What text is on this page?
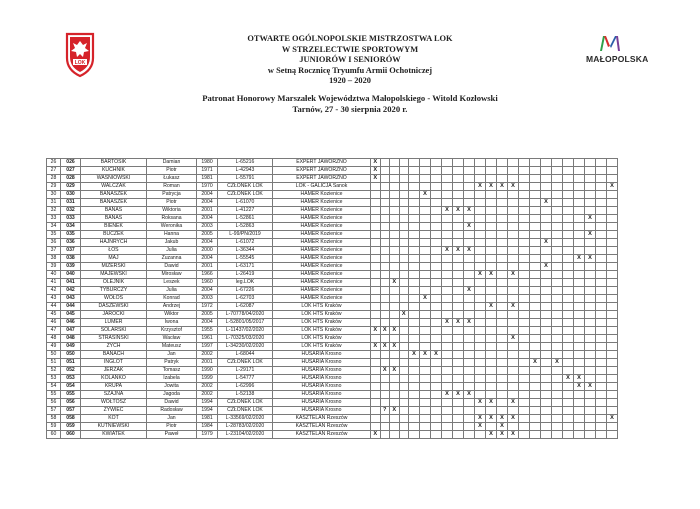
LOK	MAŁOPOLSKA
OTWARTE OGÓLNOPOLSKIE MISTRZOSTWA LOK
W STRZELECTWIE SPORTOWYM
JUNIORÓW I SENIORÓW
w Setną Rocznicę Tryumfu Armii Ochotniczej
1920 – 2020
Patronat Honorowy Marszałek Województwa Małopolskiego - Witold Kozłowski
Tarnów, 27 - 30 sierpnia 2020 r.
26	026	BARTOSIK	Damian	1980	L-65216	EXPERT JAWORZNO	X																						
27	027	KUCHNIK	Piotr	1971	L-42943	EXPERT JAWORZNO	X																						
28	028	WAŚNIOWSKI	Łukasz	1981	L-55791	EXPERT JAWORZNO	X																						
29	029	WALCZAK	Roman	1970	CZŁONEK LOK	LOK - GALICJA Sanok											X	X	X	X									X
30	030	BANASZEK	Patrycja	2004	CZŁONEK LOK	HAMER Kozienice						X																	
31	031	BANASZEK	Piotr	2004	L-61070	HAMER Kozienice																	X						
32	032	BANAŚ	Wiktoria	2001	L-41227	HAMER Kozienice								X	X	X													
33	033	BANAŚ	Roksana	2004	L-52861	HAMER Kozienice																					X		
34	034	BIENEK	Weronika	2003	L-52863	HAMER Kozienice										X													
35	035	BUCZEK	Hanna	2005	L-99/PN/2019	HAMER Kozienice																					X		
36	036	HAJNRYCH	Jakub	2004	L-61072	HAMER Kozienice																	X						
37	037	ŁOŚ	Julia	2000	L-36344	HAMER Kozienice								X	X	X													
38	038	MAJ	Zuzanna	2004	L-55545	HAMER Kozienice																				X	X		
39	039	MIZERSKI	Dawid	2001	L-63171	HAMER Kozienice																	X						
40	040	MAJEWSKI	Mirosław	1966	L-26419	HAMER Kozienice											X	X		X									
41	041	OLEJNIK	Leszek	1960	leg.LOK	HAMER Kozienice			X																				
42	042	TYBURCZY	Julia	2004	L-67226	HAMER Kozienice										X													
43	043	WOŁOS	Konrad	2003	L-62703	HAMER Kozienice						X																	
44	044	DASZEWSKI	Andrzej	1972	L-62087	LOK HTS Kraków												X		X									
45	045	JAROCKI	Wiktor	2005	L-70778/04/2020	LOK HTS Kraków				X																			
46	046	LUMER	Iwona	2004	L-52801/05/2017	LOK HTS Kraków								X	X	X													
47	047	SOLARSKI	Krzysztof	1955	L-11437/02/2020	LOK HTS Kraków	X	X	X																				
48	048	STRASIŃSKI	Wacław	1961	L-70325/03/2020	LOK HTS Kraków														X									
49	049	ZYCH	Mateusz	1997	L-34230/02/2020	LOK HTS Kraków	X	X	X																				
50	050	BANACH	Jan	2002	L-68044	HUSARIA Krosno					X	X	X																
51	051	INGLOT	Patryk	2001	CZŁONEK LOK	HUSARIA Krosno																X		X					
52	052	JERZAK	Tomasz	1990	L-29171	HUSARIA Krosno		X	X																				
53	053	KOLANKO	Izabela	1999	L-54777	HUSARIA Krosno																			X	X			
54	054	KRUPA	Jowita	2002	L-62996	HUSARIA Krosno																				X	X		
55	055	SZAJNA	Jagoda	2002	L-52138	HUSARIA Krosno								X	X	X													
56	056	WOŁTOSZ	Dawid	1994	CZŁONEK LOK	HUSARIA Krosno											X	X		X									
57	057	ŻYWIEC	Radosław	1994	CZŁONEK LOK	HUSARIA Krosno		?	X																				
58	058	KOT	Jan	1981	L-33569/02/2020	KASZTELAN Rzeszów											X	X	X	X									X
59	059	KUTNIEWSKI	Piotr	1984	L-28783/02/2020	KASZTELAN Rzeszów											X		X										
60	060	KWIATEK	Paweł	1979	L-23104/02/2020	KASZTELAN Rzeszów	X											X	X	X									
